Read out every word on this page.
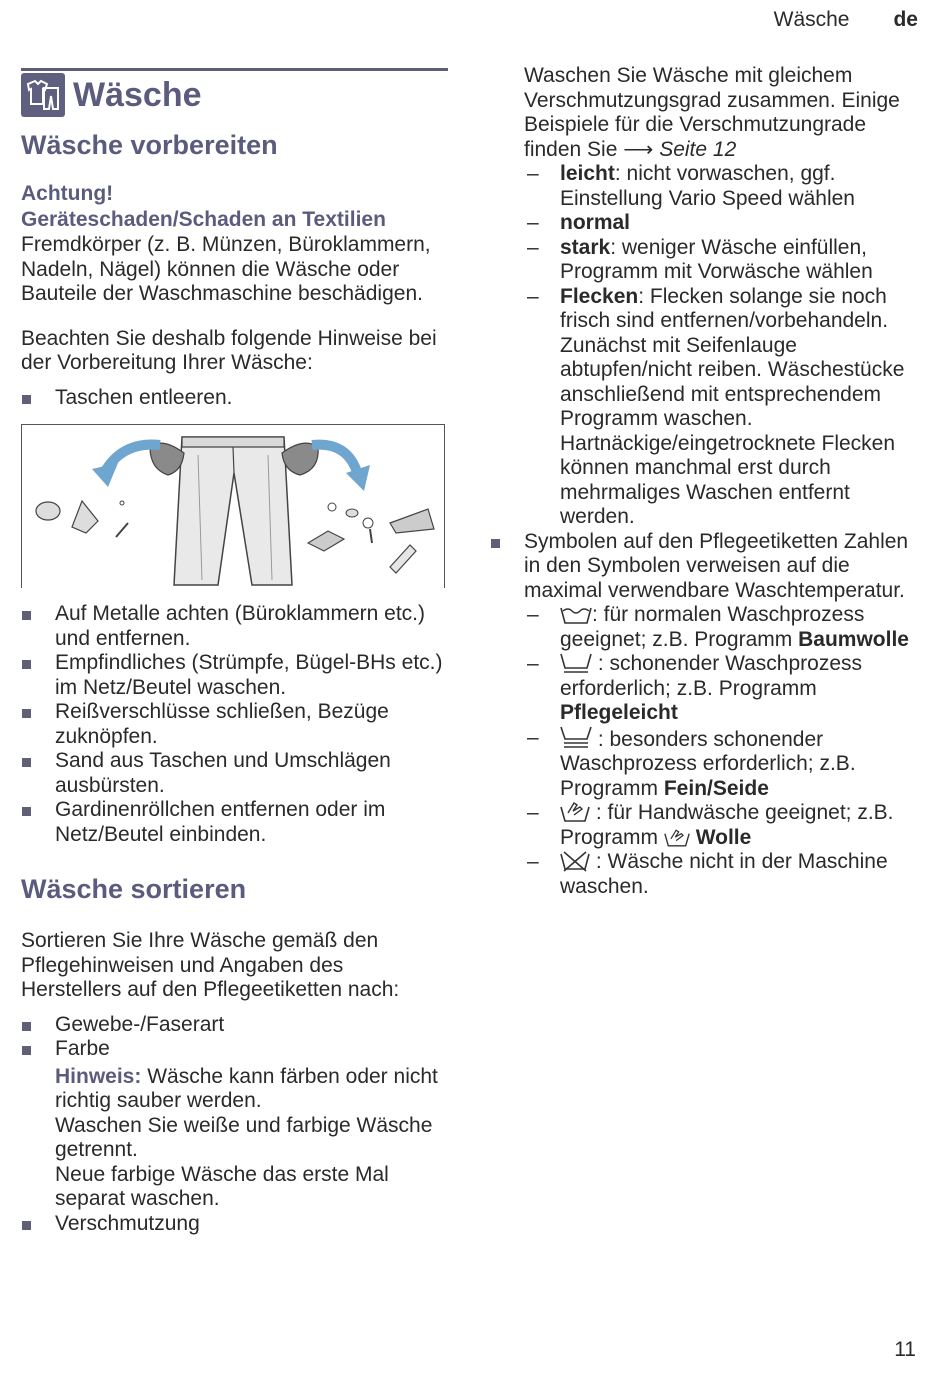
Wäsche de
Wäsche
Wäsche vorbereiten
Achtung!
Geräteschaden/Schaden an Textilien

Fremdkörper (z. B. Münzen, Büroklammern, Nadeln, Nägel) können die Wäsche oder Bauteile der Waschmaschine beschädigen.

Beachten Sie deshalb folgende Hinweise bei der Vorbereitung Ihrer Wäsche:

Taschen entleeren.
Auf Metalle achten (Büroklammern etc.) und entfernen.
Empfindliches (Strümpfe, Bügel-BHs etc.) im Netz/Beutel waschen.
Reißverschlüsse schließen, Bezüge zuknöpfen.
Sand aus Taschen und Umschlägen ausbürsten.
Gardinenröllchen entfernen oder im Netz/Beutel einbinden.
Wäsche sortieren

Sortieren Sie Ihre Wäsche gemäß den Pflegehinweisen und Angaben des Herstellers auf den Pflegeetiketten nach:

Gewebe-/Faserart
Farbe
Hinweis: Wäsche kann färben oder nicht richtig sauber werden.
Waschen Sie weiße und farbige Wäsche getrennt.
Neue farbige Wäsche das erste Mal separat waschen.
Verschmutzung

Waschen Sie Wäsche mit gleichem Verschmutzungsgrad zusammen. Einige Beispiele für die Verschmutzungrade finden Sie ⟶ Seite 12

– leicht: nicht vorwaschen, ggf. Einstellung Vario Speed wählen
– normal
– stark: weniger Wäsche einfüllen, Programm mit Vorwäsche wählen
– Flecken: Flecken solange sie noch frisch sind entfernen/vorbehandeln. Zunächst mit Seifenlauge abtupfen/nicht reiben. Wäschestücke anschließend mit entsprechendem Programm waschen. Hartnäckige/eingetrocknete Flecken können manchmal erst durch mehrmaliges Waschen entfernt werden.
Symbolen auf den Pflegeetiketten Zahlen in den Symbolen verweisen auf die maximal verwendbare Waschtemperatur.
– : für normalen Waschprozess geeignet; z.B. Programm Baumwolle
– : schonender Waschprozess erforderlich; z.B. Programm Pflegeleicht
– : besonders schonender Waschprozess erforderlich; z.B. Programm Fein/Seide
– : für Handwäsche geeignet; z.B. Programm  Wolle
– : Wäsche nicht in der Maschine waschen.
11
